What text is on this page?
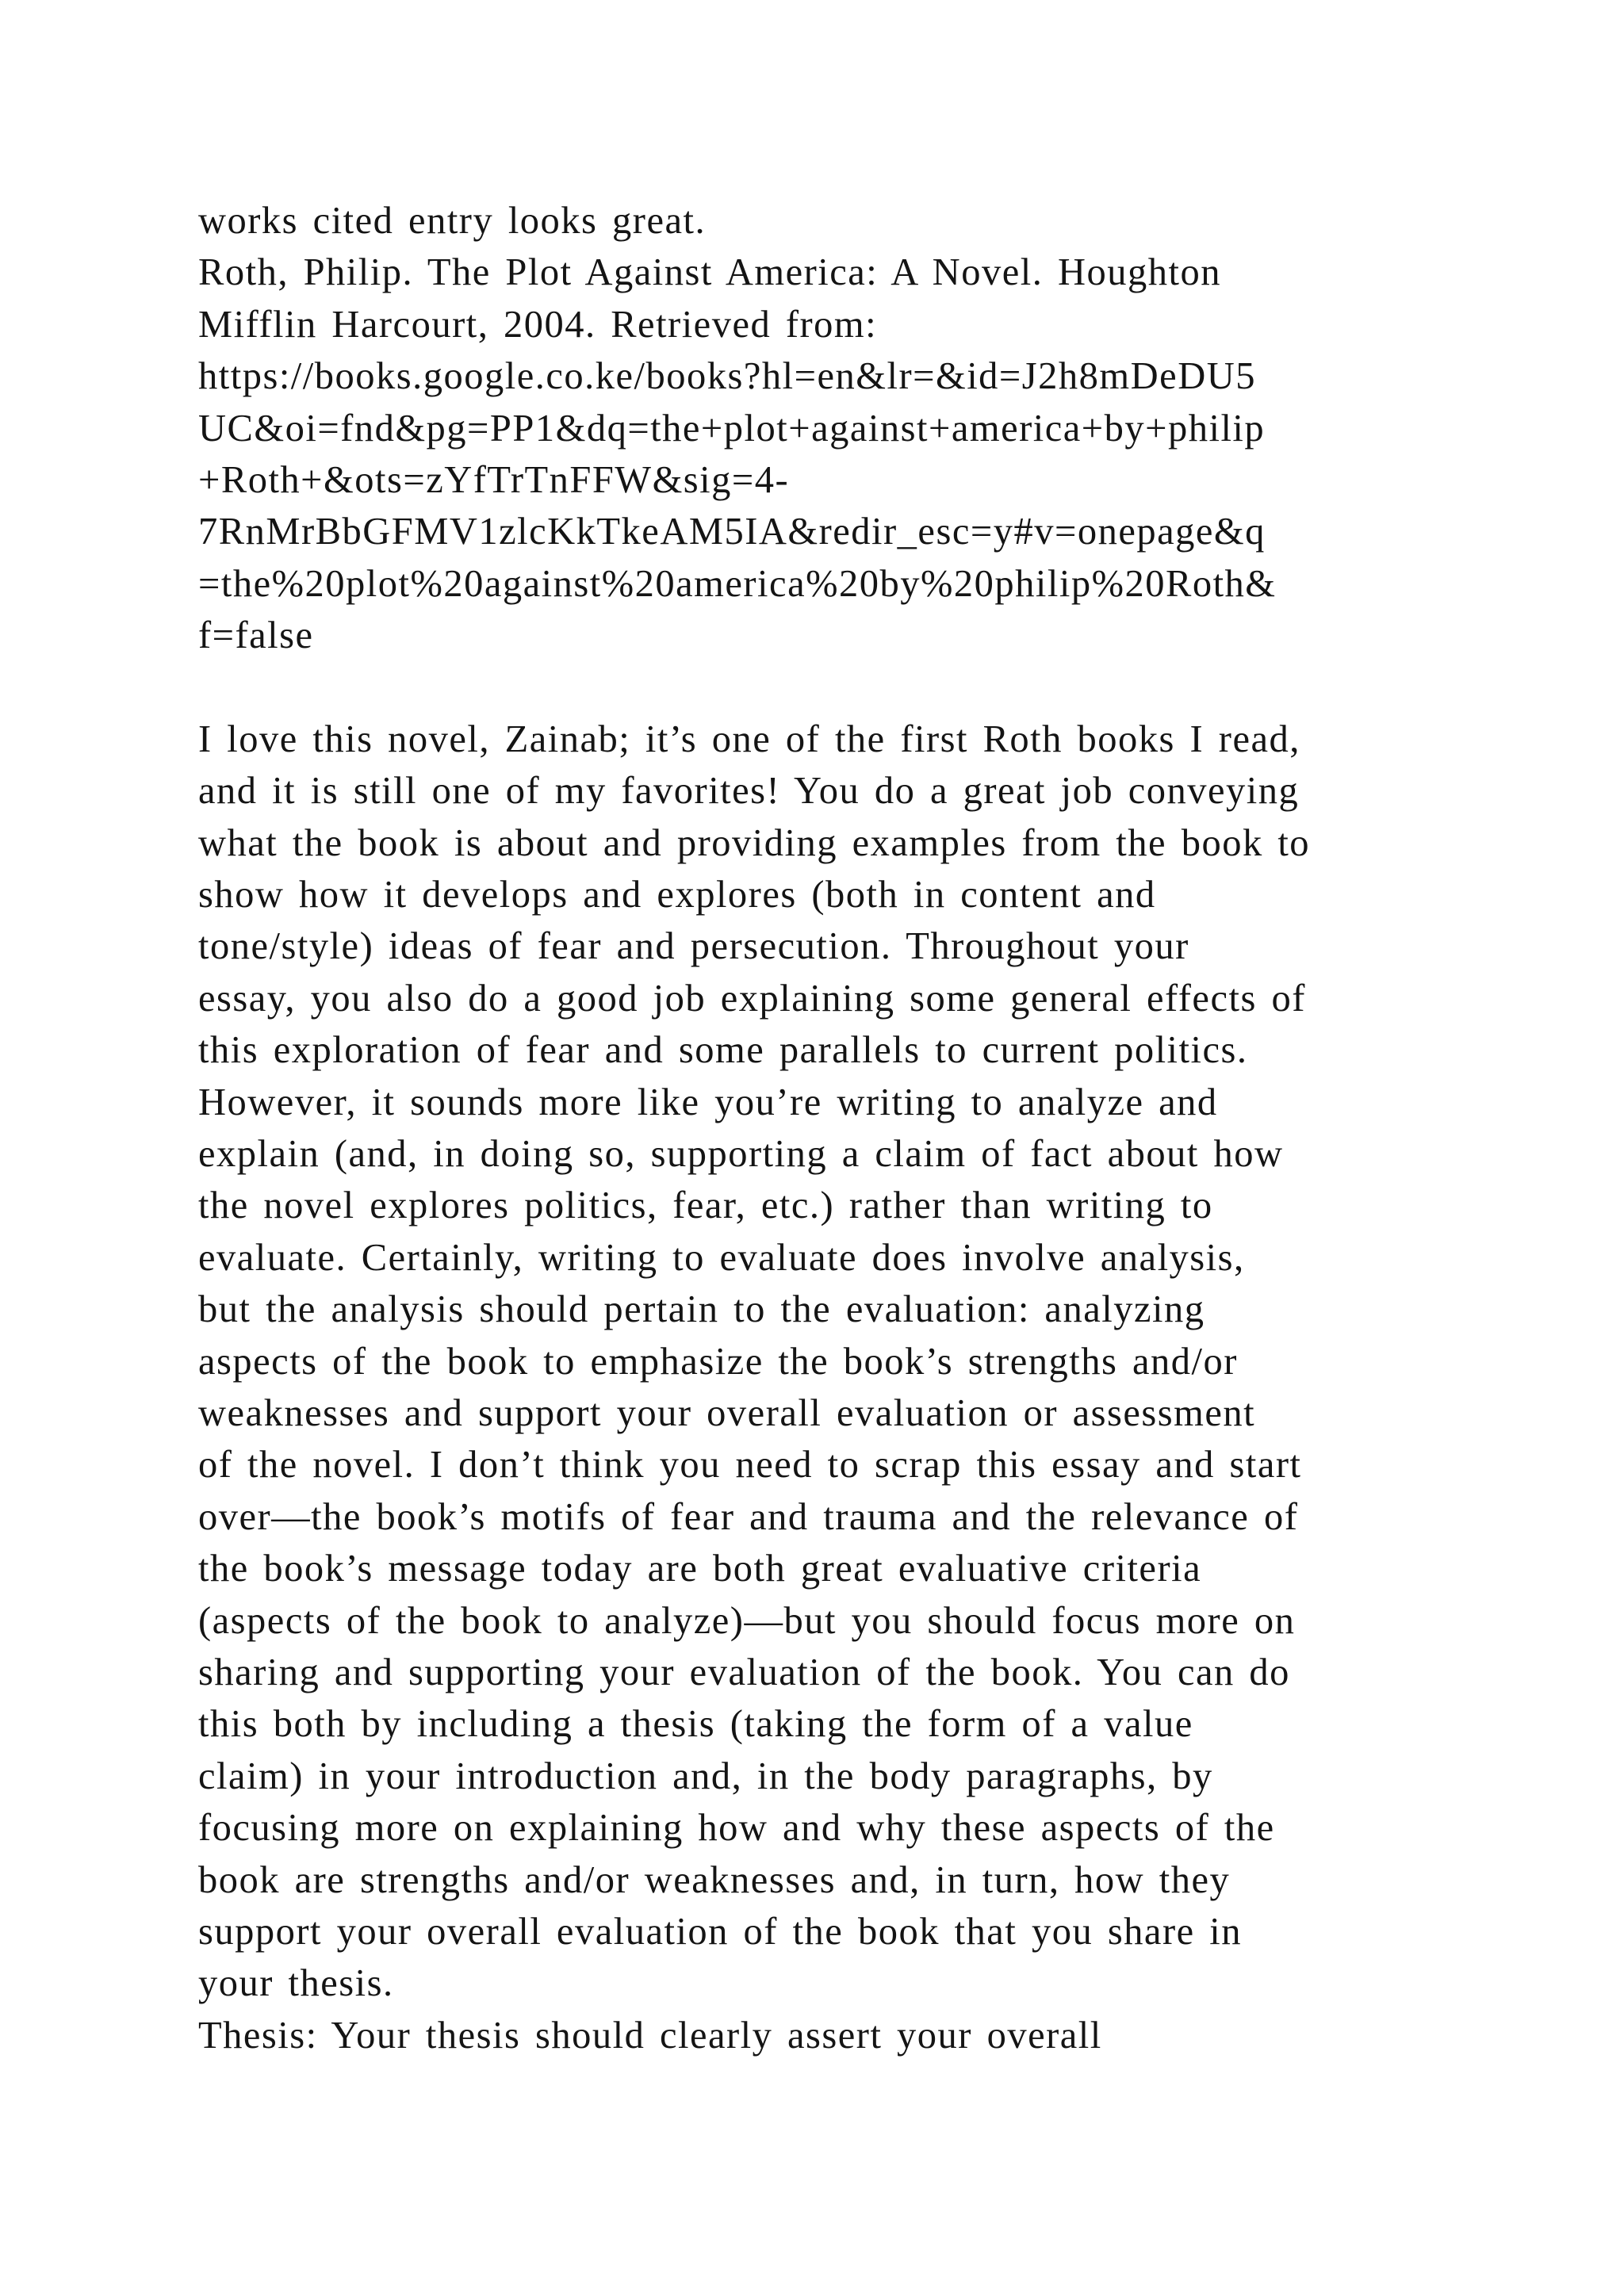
works cited entry looks great.
Roth, Philip. The Plot Against America: A Novel. Houghton
Mifflin Harcourt, 2004. Retrieved from:
https://books.google.co.ke/books?hl=en&lr=&id=J2h8mDeDU5
UC&oi=fnd&pg=PP1&dq=the+plot+against+america+by+philip
+Roth+&ots=zYfTrTnFFW&sig=4-
7RnMrBbGFMV1zlcKkTkeAM5IA&redir_esc=y#v=onepage&q
=the%20plot%20against%20america%20by%20philip%20Roth&
f=false
I love this novel, Zainab; it’s one of the first Roth books I read,
and it is still one of my favorites! You do a great job conveying
what the book is about and providing examples from the book to
show how it develops and explores (both in content and
tone/style) ideas of fear and persecution. Throughout your
essay, you also do a good job explaining some general effects of
this exploration of fear and some parallels to current politics.
However, it sounds more like you’re writing to analyze and
explain (and, in doing so, supporting a claim of fact about how
the novel explores politics, fear, etc.) rather than writing to
evaluate. Certainly, writing to evaluate does involve analysis,
but the analysis should pertain to the evaluation: analyzing
aspects of the book to emphasize the book’s strengths and/or
weaknesses and support your overall evaluation or assessment
of the novel. I don’t think you need to scrap this essay and start
over—the book’s motifs of fear and trauma and the relevance of
the book’s message today are both great evaluative criteria
(aspects of the book to analyze)—but you should focus more on
sharing and supporting your evaluation of the book. You can do
this both by including a thesis (taking the form of a value
claim) in your introduction and, in the body paragraphs, by
focusing more on explaining how and why these aspects of the
book are strengths and/or weaknesses and, in turn, how they
support your overall evaluation of the book that you share in
your thesis.
Thesis: Your thesis should clearly assert your overall
